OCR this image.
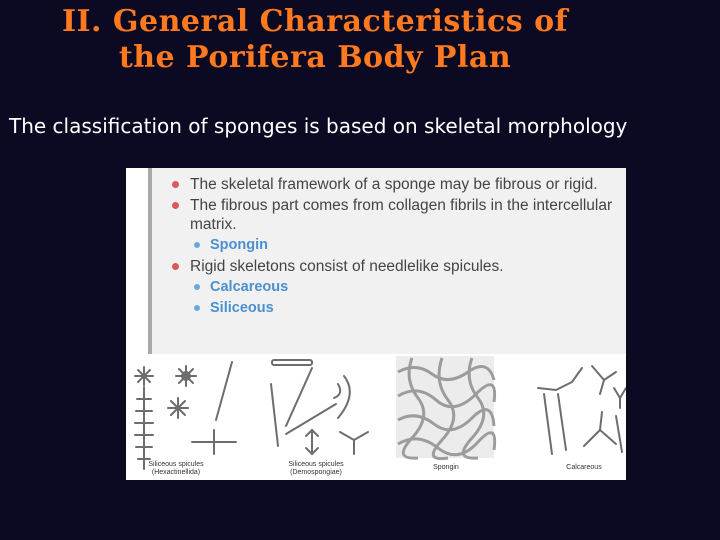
II. General Characteristics of
the Porifera Body Plan
The classification of sponges is based on skeletal morphology
The skeletal framework of a sponge may be fibrous or rigid.
The fibrous part comes from collagen fibrils in the intercellular matrix.
Spongin
Rigid skeletons consist of needlelike spicules.
Calcareous
Siliceous
Siliceous spicules
(Hexactinellida)
Siliceous spicules
(Demospongiae)
Spongin	Calcareous
